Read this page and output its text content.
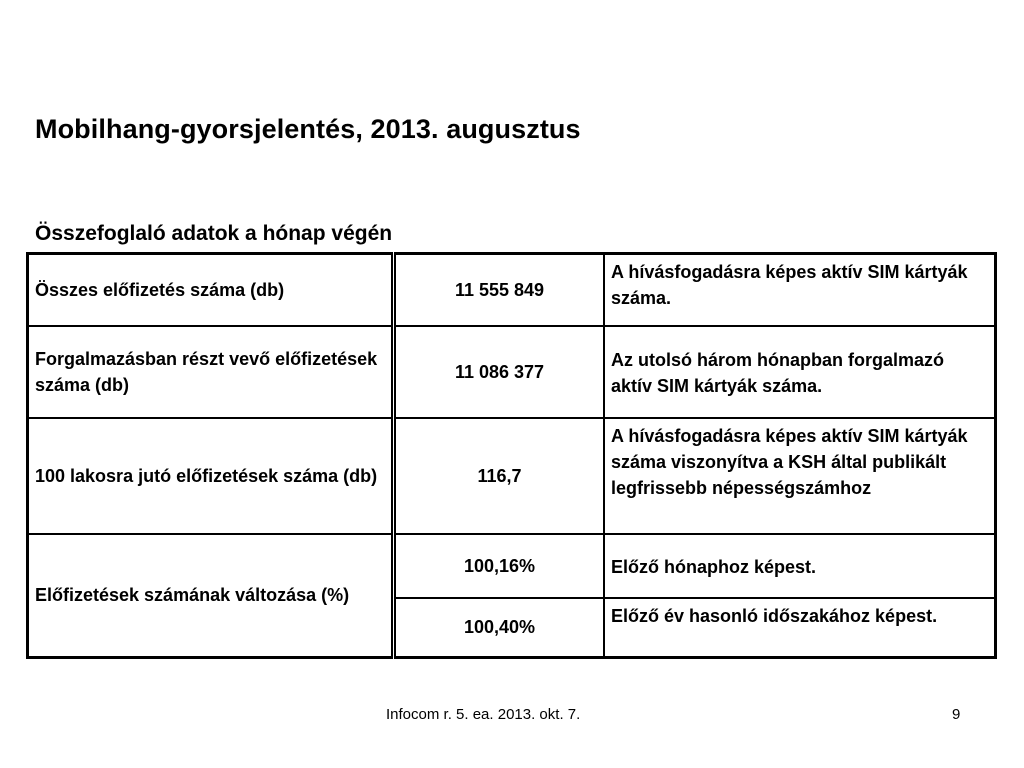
Mobilhang-gyorsjelentés, 2013. augusztus
Összefoglaló adatok a hónap végén
Összes előfizetés száma (db)	11 555 849	A hívásfogadásra képes aktív SIM kártyák száma.
Forgalmazásban részt vevő előfizetések száma (db)	11 086 377	Az utolsó három hónapban forgalmazó aktív SIM kártyák száma.
100 lakosra jutó előfizetések száma (db)	116,7	A hívásfogadásra képes aktív SIM kártyák száma viszonyítva a KSH által publikált legfrissebb népességszámhoz
Előfizetések számának változása (%)	100,16%	Előző hónaphoz képest.
	100,40%	Előző év hasonló időszakához képest.
Infocom r. 5. ea. 2013. okt. 7.	9
